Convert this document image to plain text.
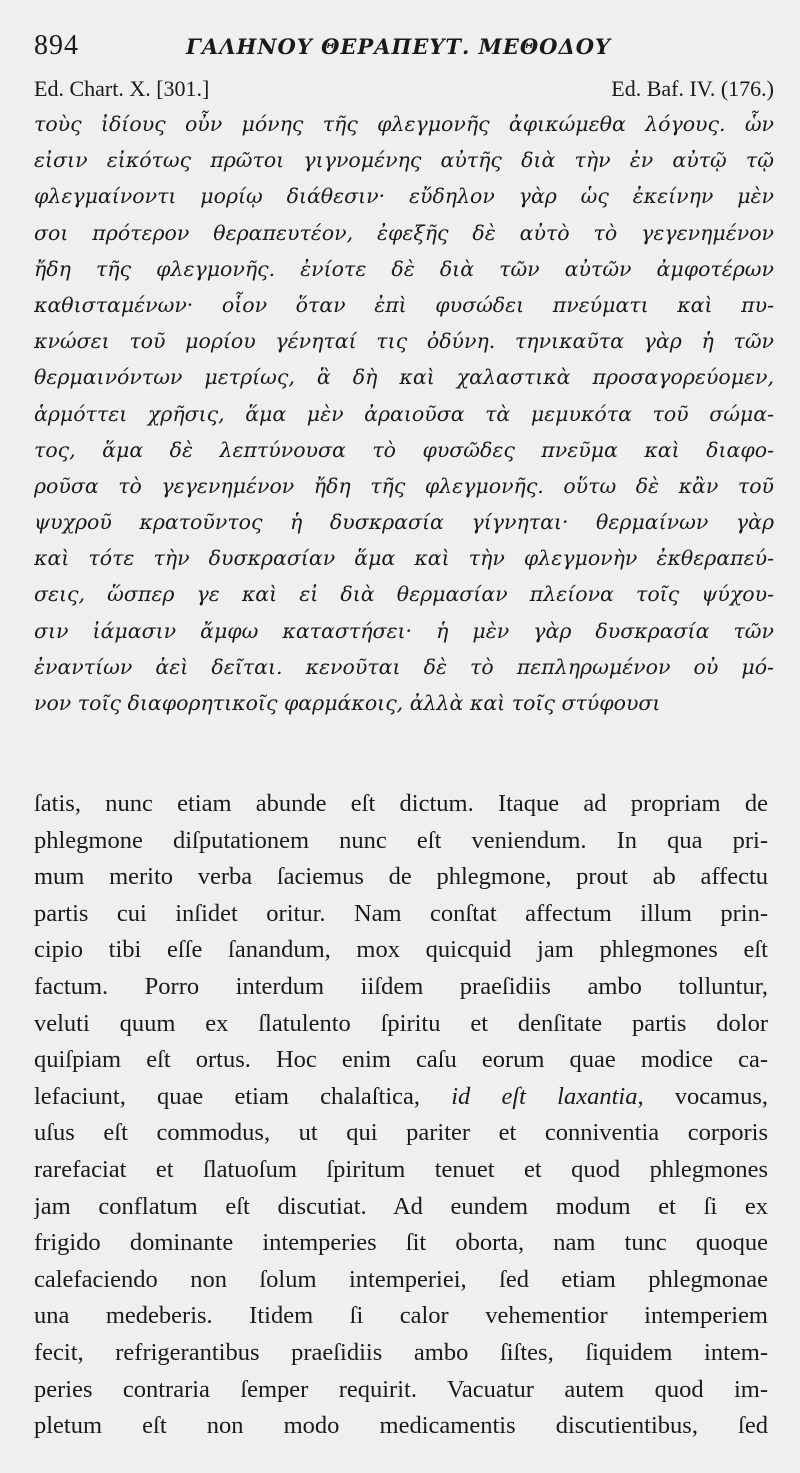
894	ΓΑΛΗΝΟΥ ΘΕΡΑΠΕΥΤ. ΜΕΘΟΔΟΥ
Ed. Chart. X. [301.]	Ed. Baf. IV. (176.)
τοὺς ἰδίους οὖν μόνης τῆς φλεγμονῆς ἀφικώμεθα λόγους. ὧν
εἰσιν εἰκότως πρῶτοι γιγνομένης αὐτῆς διὰ τὴν ἐν αὐτῷ τῷ
φλεγμαίνοντι μορίῳ διάθεσιν· εὔδηλον γὰρ ὡς ἐκείνην μὲν
σοι πρότερον θεραπευτέον, ἐφεξῆς δὲ αὐτὸ τὸ γεγενημένον
ἤδη τῆς φλεγμονῆς. ἐνίοτε δὲ διὰ τῶν αὐτῶν ἀμφοτέρων
καθισταμένων· οἷον ὅταν ἐπὶ φυσώδει πνεύματι καὶ πυ-
κνώσει τοῦ μορίου γένηταί τις ὀδύνη. τηνικαῦτα γὰρ ἡ τῶν
θερμαινόντων μετρίως, ἃ δὴ καὶ χαλαστικὰ προσαγορεύομεν,
ἁρμόττει χρῆσις, ἅμα μὲν ἀραιοῦσα τὰ μεμυκότα τοῦ σώμα-
τος, ἅμα δὲ λεπτύνουσα τὸ φυσῶδες πνεῦμα καὶ διαφο-
ροῦσα τὸ γεγενημένον ἤδη τῆς φλεγμονῆς. οὕτω δὲ κἂν τοῦ
ψυχροῦ κρατοῦντος ἡ δυσκρασία γίγνηται· θερμαίνων γὰρ
καὶ τότε τὴν δυσκρασίαν ἅμα καὶ τὴν φλεγμονὴν ἐκθεραπεύ-
σεις, ὥσπερ γε καὶ εἰ διὰ θερμασίαν πλείονα τοῖς ψύχου-
σιν ἰάμασιν ἄμφω καταστήσει· ἡ μὲν γὰρ δυσκρασία τῶν
ἐναντίων ἀεὶ δεῖται. κενοῦται δὲ τὸ πεπληρωμένον οὐ μό-
νον τοῖς διαφορητικοῖς φαρμάκοις, ἀλλὰ καὶ τοῖς στύφουσι
ſatis, nunc etiam abunde eſt dictum. Itaque ad propriam de
phlegmone diſputationem nunc eſt veniendum. In qua pri-
mum merito verba ſaciemus de phlegmone, prout ab affectu
partis cui inſidet oritur. Nam conſtat affectum illum prin-
cipio tibi eſſe ſanandum, mox quicquid jam phlegmones eſt
factum. Porro interdum iiſdem praeſidiis ambo tolluntur,
veluti quum ex ſlatulento ſpiritu et denſitate partis dolor
quiſpiam eſt ortus. Hoc enim caſu eorum quae modice ca-
lefaciunt, quae etiam chalaſtica, id eſt laxantia, vocamus,
uſus eſt commodus, ut qui pariter et conniventia corporis
rarefaciat et ſlatuoſum ſpiritum tenuet et quod phlegmones
jam conflatum eſt discutiat. Ad eundem modum et ſi ex
frigido dominante intemperies ſit oborta, nam tunc quoque
calefaciendo non ſolum intemperiei, ſed etiam phlegmonae
una medeberis. Itidem ſi calor vehementior intemperiem
fecit, refrigerantibus praeſidiis ambo ſiſtes, ſiquidem intem-
peries contraria ſemper requirit. Vacuatur autem quod im-
pletum eſt non modo medicamentis discutientibus, ſed
